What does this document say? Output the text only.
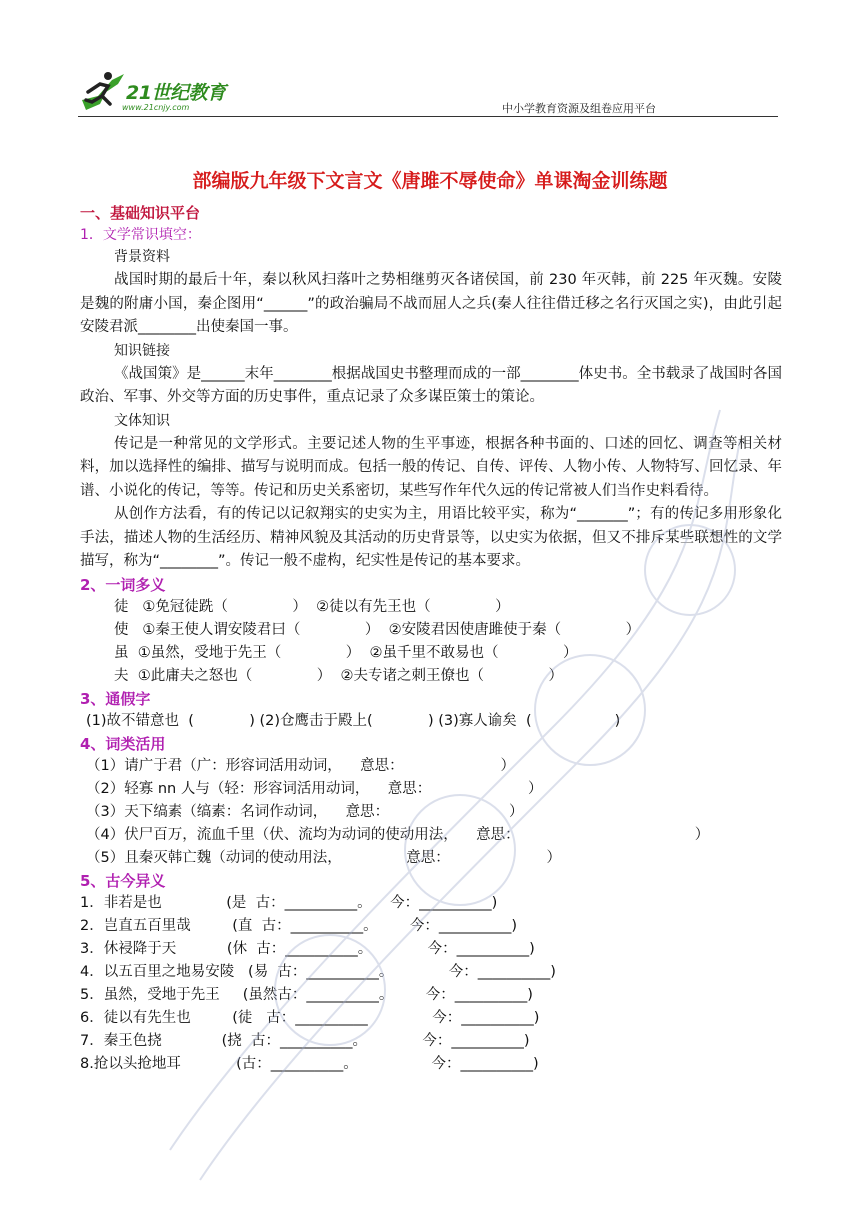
21世纪教育
www.21cnjy.com	中小学教育资源及组卷应用平台
部编版九年级下文言文《唐雎不辱使命》单课淘金训练题
一、基础知识平台
1．文学常识填空：
背景资料
战国时期的最后十年，秦以秋风扫落叶之势相继剪灭各诸侯国，前 230 年灭韩，前 225 年灭魏。安陵是魏的附庸小国，秦企图用“______”的政治骗局不战而屈人之兵(秦人往往借迁移之名行灭国之实)，由此引起安陵君派________出使秦国一事。
知识链接
《战国策》是______末年________根据战国史书整理而成的一部________体史书。全书载录了战国时各国政治、军事、外交等方面的历史事件，重点记录了众多谋臣策士的策论。
文体知识
传记是一种常见的文学形式。主要记述人物的生平事迹，根据各种书面的、口述的回忆、调查等相关材料，加以选择性的编排、描写与说明而成。包括一般的传记、自传、评传、人物小传、人物特写、回忆录、年谱、小说化的传记，等等。传记和历史关系密切，某些写作年代久远的传记常被人们当作史料看待。
从创作方法看，有的传记以记叙翔实的史实为主，用语比较平实，称为“_______”；有的传记多用形象化手法，描述人物的生活经历、精神风貌及其活动的历史背景等，以史实为依据，但又不排斥某些联想性的文学描写，称为“________”。传记一般不虚构，纪实性是传记的基本要求。
2、一词多义
徒   ①免冠徒跣（              ）  ②徒以有先王也（              ）
使   ①秦王使人谓安陵君曰（              ）  ②安陵君因使唐雎使于秦（              ）
虽  ①虽然，受地于先王（              ）  ②虽千里不敢易也（              ）
夫  ①此庸夫之怒也（              ）  ②夫专诸之刺王僚也（              ）
3、通假字
(1)故不错意也  (            ) (2)仓鹰击于殿上(            ) (3)寡人谕矣  (                  )
4、词类活用
（1）请广于君（广：形容词活用动词，    意思：                     ）
（2）轻寡 nn 人与（轻：形容词活用动词，    意思：                     ）
（3）天下缟素（缟素：名词作动词，    意思：                          ）
（4）伏尸百万，流血千里（伏、流均为动词的使动用法，    意思：                                      ）
（5）且秦灭韩亡魏（动词的使动用法，              意思：                     ）
5、古今异义
1．非若是也              (是  古：__________。    今：__________)
2．岂直五百里哉         (直  古：__________。       今：__________)
3．休祲降于天           (休  古：__________。            今：__________)
4．以五百里之地易安陵   (易  古：__________。            今：__________)
5．虽然，受地于先王     (虽然古：__________。       今：__________)
6．徒以有先生也         (徒   古：__________              今：__________)
7．秦王色挠             (挠  古：__________。            今：__________)
8.抢以头抢地耳            (古：__________。                今：__________)
